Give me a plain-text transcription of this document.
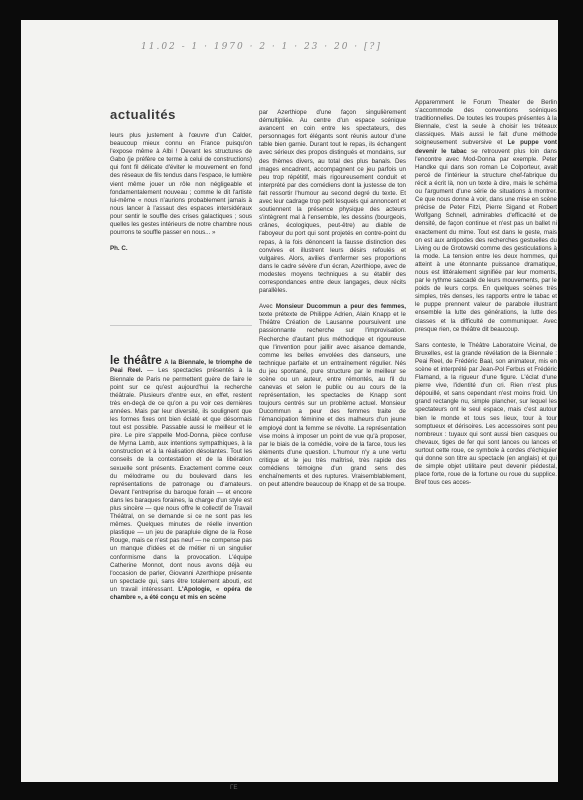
11.02 - 1 · 1970 · 2 · 1 · 23 · 20 · [?]
actualités

leurs plus justement à l'œuvre d'un Calder, beaucoup mieux connu en France puisqu'on l'expose même à Albi ! Devant les structures de Gabo (je préfère ce terme à celui de constructions) qui font fil délicate d'éviter le mouvement en fond des réseaux de fils tendus dans l'espace, le lumière vient même jouer un rôle non négligeable et fondamentalement nouveau ; comme le dit l'artiste lui-même « nous n'aurions probablement jamais à nous lancer à l'assaut des espaces intersidéraux pour sentir le souffle des crises galactiques ; sous quelles les gestes intérieurs de notre chambre nous pourrons te souffle passer en nous... »

Ph. C.

le théâtre A la Biennale, le triomphe de Peai Reel. — Les spectacles présentés à la Biennale de Paris ne permettent guère de faire le point sur ce qu'est aujourd'hui la recherche théâtrale. Plusieurs d'entre eux, en effet, restent très en-deçà de ce qu'on a pu voir ces dernières années. Mais par leur diversité, ils soulignent que les formes fixes ont bien éclaté et que désormais tout est possible. Passable aussi le meilleur et le pire. Le pire s'appelle Mod-Donna, pièce confuse de Myrna Lamb, aux intentions sympathiques, à la construction et à la réalisation désolantes. Tout les conseils de la contestation et de la libération sexuelle sont présents. Exactement comme ceux du mélodrame ou du boulevard dans les représentations de patronage ou d'amateurs. Devant l'entreprise du baroque forain — et encore dans les baraques foraines, la charge d'un style est plus sincère — que nous offre le collectif de Travail Théâtral, on se demande si ce ne sont pas les mêmes. Quelques minutes de réelle invention plastique — un jeu de parapluie digne de la Rose Rouge, mais ce n'est pas neuf — ne compense pas un manque d'idées et de métier ni un singulier conformisme dans la provocation. L'équipe Catherine Monnot, dont nous avons déjà eu l'occasion de parler, Giovanni Azerthiope présente un spectacle qui, sans être totalement abouti, est un travail intéressant. L'Apologie, « opéra de chambre », a été conçu et mis en scène

par Azerthiope d'une façon singulièrement démultipliée. Au centre d'un espace scénique avancent en coin entre les spectateurs, des personnages fort élégants sont réunis autour d'une table bien garnie. Durant tout le repas, ils échangent avec sérieux des propos distingués et mondains, sur des thèmes divers, au total des plus banals. Des images encadrent, accompagnent ce jeu parfois un peu trop répétitif, mais rigoureusement conduit et interprété par des comédiens dont la justesse de ton fait ressortir l'humour au second degré du texte. Et avec leur cadrage trop petit lesquels qui annoncent et soutiennent la présence physique des acteurs s'intègrent mal à l'ensemble, les dessins (bourgeois, crânes, écologiques, peut-être) au diable de l'aboyeur du port qui sont projetés en contre-point du repas, à la fois dénoncent la fausse distinction des convives et illustrent leurs désirs refoulés et vulgaires. Alors, avilies d'enfermer ses proportions dans le cadre sévère d'un écran, Azerthiope, avec de modestes moyens techniques a su établir des correspondances entre deux langages, deux récits parallèles.

Avec Monsieur Ducommun a peur des femmes, texte prétexte de Philippe Adrien, Alain Knapp et le Théâtre Création de Lausanne poursuivent une passionnante recherche sur l'improvisation. Recherche d'autant plus méthodique et rigoureuse que l'invention pour jaillir avec aisance demande, comme les belles envolées des danseurs, une technique parfaite et un entraînement régulier. Nés du jeu spontané, pure structure par le meilleur se scène ou un auteur, entre rémontés, au fil du canevas et selon le public ou au cours de la représentation, les spectacles de Knapp sont toujours centrés sur un problème actuel. Monsieur Ducommun a peur des femmes traite de l'émancipation féminine et des malheurs d'un jeune employé dont la femme se révolte. La représentation vise moins à imposer un point de vue qu'à proposer, par le biais de la comédie, voire de la farce, tous les éléments d'une question. L'humour n'y a une vertu critique et le jeu très maîtrisé, très rapide des comédiens témoigne d'un grand sens des enchaînements et des ruptures. Vraisemblablement, on peut attendre beaucoup de Knapp et de sa troupe.

Apparemment le Forum Theater de Berlin s'accommode des conventions scéniques traditionnelles. De toutes les troupes présentes à la Biennale, c'est la seule à choisir les tréteaux classiques. Mais aussi le fait d'une méthode soigneusement subversive et Le puppe vont devenir le tabac se retrouvent plus loin dans l'encontre avec Mod-Donna par exemple. Peter Handke qui dans son roman Le Colporteur, avait percé de l'intérieur la structure chef-fabrique du récit a écrit là, non un texte à dire, mais le schéma ou l'argument d'une série de situations à montrer. Ce que nous donne à voir, dans une mise en scène précise de Peter Fitzi, Pierre Sigand et Robert Wolfgang Schnell, admirables d'efficacité et de densité, de façon continue et n'est pas un ballet ni exactement du mime. Tout est dans le geste, mais on est aux antipodes des recherches gestuelles du Living ou de Grotowski comme des gesticulations à la mode. La tension entre les deux hommes, qui atteint à une étonnante puissance dramatique, nous est littéralement signifiée par leur moments, par le rythme saccadé de leurs mouvements, par le poids de leurs corps. En quelques scènes très simples, très denses, les rapports entre le tabac et le puppe prennent valeur de parabole illustrant ensemble la lutte des générations, la lutte des classes et la difficulté de communiquer. Avec presque rien, ce théâtre dit beaucoup.

Sans conteste, le Théâtre Laboratoire Vicinal, de Bruxelles, est la grande révélation de la Biennale : Peai Reel, de Frédéric Baal, son animateur, mis en scène et interprété par Jean-Pol Ferbus et Frédéric Flamand, a la rigueur d'une figure. L'éclat d'une pierre vive, l'identité d'un cri. Rien n'est plus dépouillé, et sans cependant n'est moins froid. Un grand rectangle nu, simple plancher, sur lequel les spectateurs ont le seul espace, mais c'est autour bien le monde et tous ses lieux, tour à tour somptueux et dérisoires. Les accessoires sont peu nombreux : tuyaux qui sont aussi bien casques ou chevaux, tiges de fer qui sont lances ou lances et surtout cette roue, ce symbole à cordes d'échiquier qui donne son titre au spectacle (en anglais) et qui de simple objet utilitaire peut devenir piédestal, place forte, roue de la fortune ou roue du supplice. Bref tous ces acces-

ΓE
